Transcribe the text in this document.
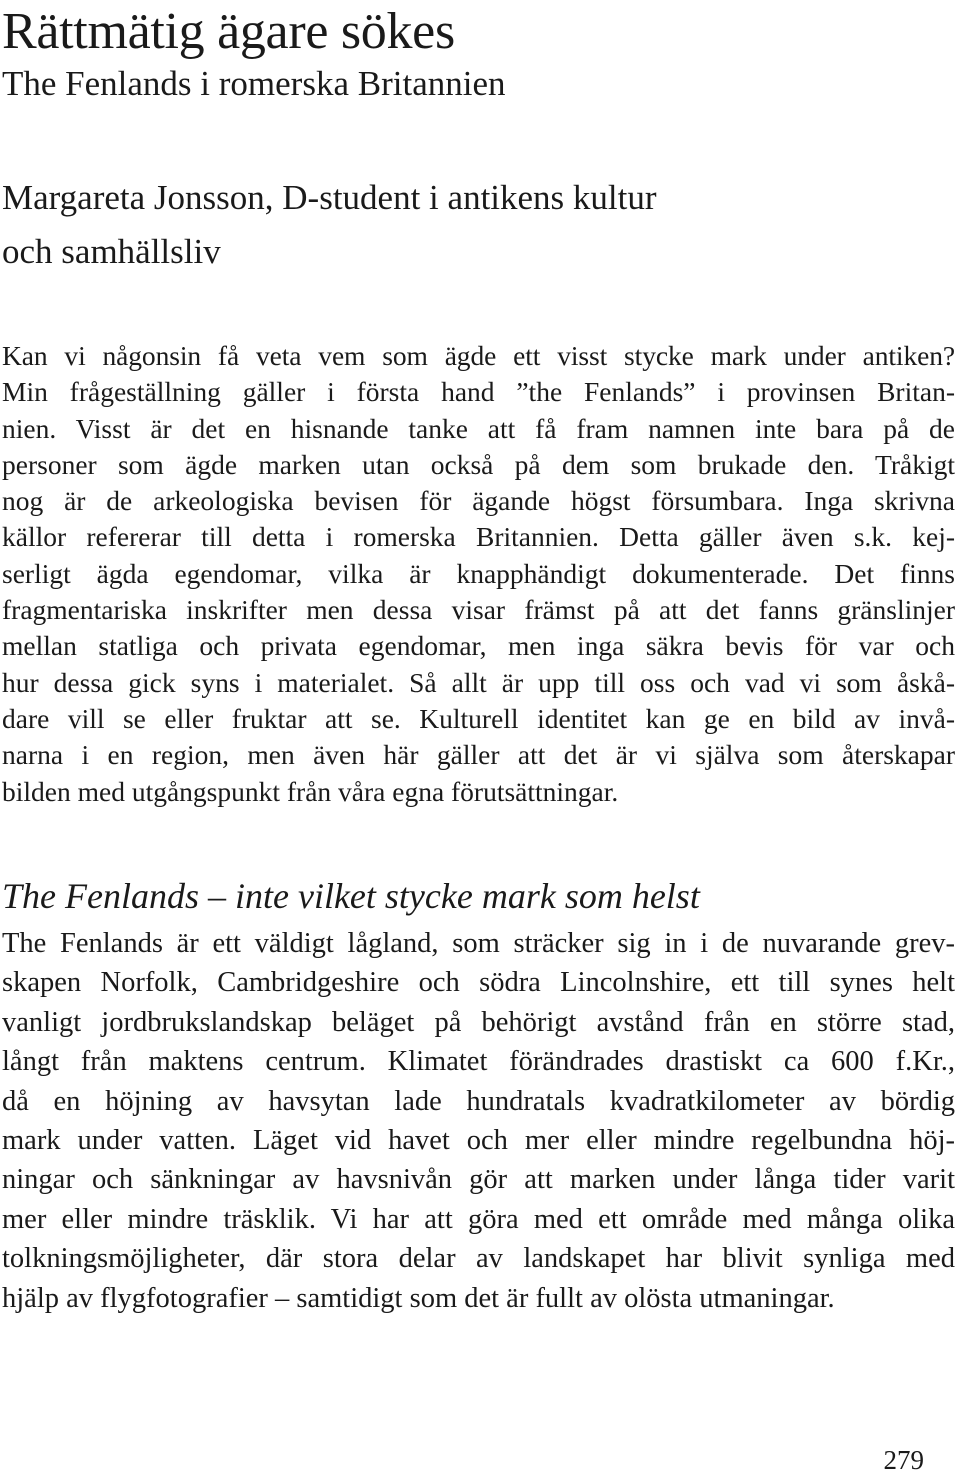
Rättmätig ägare sökes
The Fenlands i romerska Britannien

Margareta Jonsson, D-student i antikens kultur
och samhällsliv

Kan vi någonsin få veta vem som ägde ett visst stycke mark under antiken?
Min frågeställning gäller i första hand ”the Fenlands” i provinsen Britan-
nien. Visst är det en hisnande tanke att få fram namnen inte bara på de
personer som ägde marken utan också på dem som brukade den. Tråkigt
nog är de arkeologiska bevisen för ägande högst försumbara. Inga skrivna
källor refererar till detta i romerska Britannien. Detta gäller även s.k. kej-
serligt ägda egendomar, vilka är knapphändigt dokumenterade. Det finns
fragmentariska inskrifter men dessa visar främst på att det fanns gränslinjer
mellan statliga och privata egendomar, men inga säkra bevis för var och
hur dessa gick syns i materialet. Så allt är upp till oss och vad vi som åskå-
dare vill se eller fruktar att se. Kulturell identitet kan ge en bild av invå-
narna i en region, men även här gäller att det är vi själva som återskapar
bilden med utgångspunkt från våra egna förutsättningar.

The Fenlands – inte vilket stycke mark som helst

The Fenlands är ett väldigt lågland, som sträcker sig in i de nuvarande grev-
skapen Norfolk, Cambridgeshire och södra Lincolnshire, ett till synes helt
vanligt jordbrukslandskap beläget på behörigt avstånd från en större stad,
långt från maktens centrum. Klimatet förändrades drastiskt ca 600 f.Kr.,
då en höjning av havsytan lade hundratals kvadratkilometer av bördig
mark under vatten. Läget vid havet och mer eller mindre regelbundna höj-
ningar och sänkningar av havsnivån gör att marken under långa tider varit
mer eller mindre träsklik. Vi har att göra med ett område med många olika
tolkningsmöjligheter, där stora delar av landskapet har blivit synliga med
hjälp av flygfotografier – samtidigt som det är fullt av olösta utmaningar.

279
